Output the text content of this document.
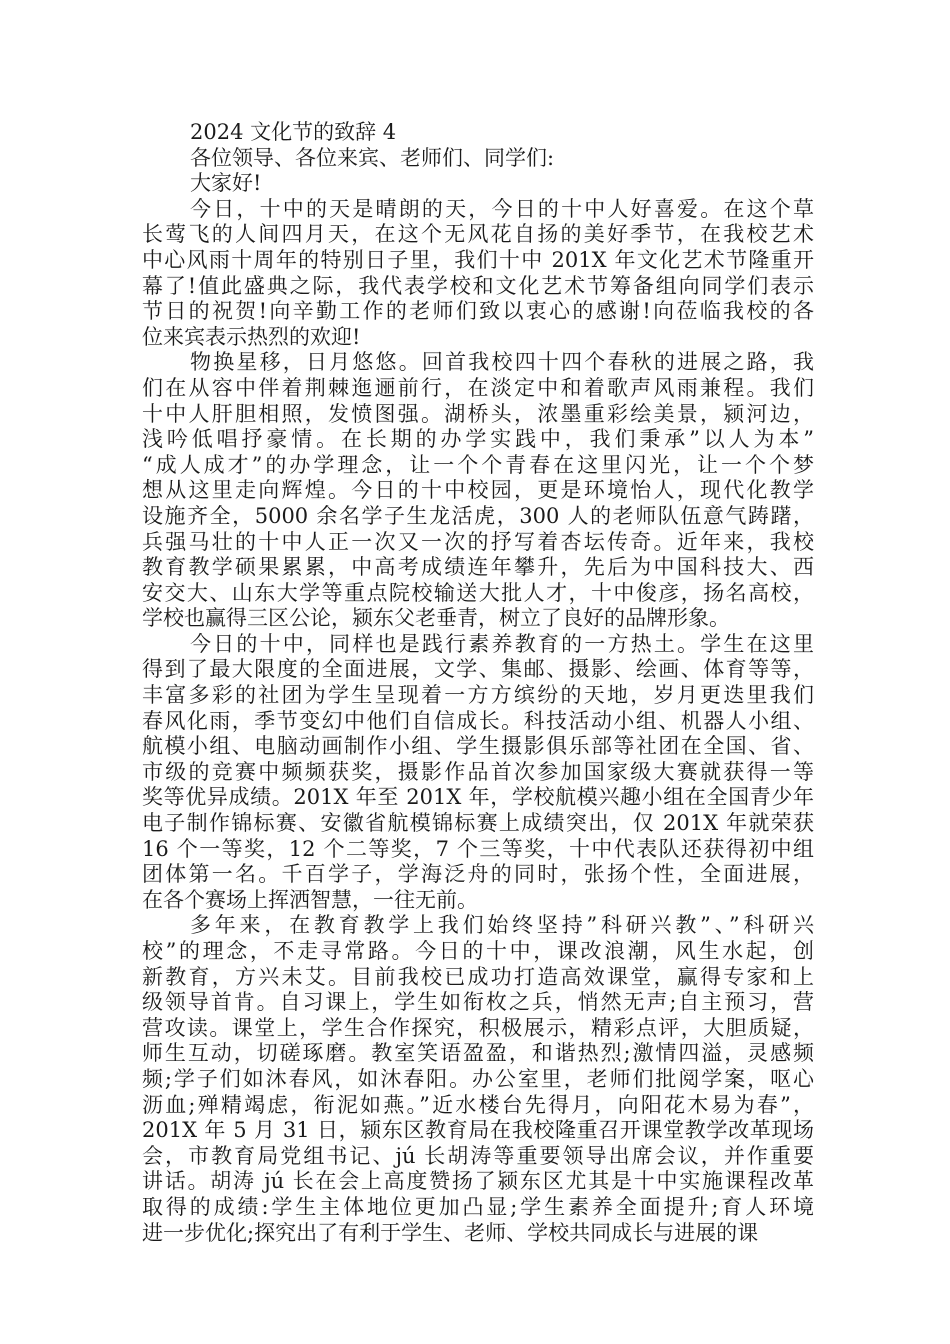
2024 文化节的致辞 4
各位领导、各位来宾、老师们、同学们:
大家好!
今日，十中的天是晴朗的天，今日的十中人好喜爱。在这个草
长莺飞的人间四月天，在这个无风花自扬的美好季节，在我校艺术
中心风雨十周年的特别日子里，我们十中 201X 年文化艺术节隆重开
幕了!值此盛典之际，我代表学校和文化艺术节筹备组向同学们表示
节日的祝贺!向辛勤工作的老师们致以衷心的感谢!向莅临我校的各
位来宾表示热烈的欢迎!
物换星移，日月悠悠。回首我校四十四个春秋的进展之路，我
们在从容中伴着荆棘迤逦前行，在淡定中和着歌声风雨兼程。我们
十中人肝胆相照，发愤图强。湖桥头，浓墨重彩绘美景，颍河边，
浅吟低唱抒豪情。在长期的办学实践中，我们秉承”以人为本”
“成人成才”的办学理念，让一个个青春在这里闪光，让一个个梦
想从这里走向辉煌。今日的十中校园，更是环境怡人，现代化教学
设施齐全，5000 余名学子生龙活虎，300 人的老师队伍意气踌躇，
兵强马壮的十中人正一次又一次的抒写着杏坛传奇。近年来，我校
教育教学硕果累累，中高考成绩连年攀升，先后为中国科技大、西
安交大、山东大学等重点院校输送大批人才，十中俊彦，扬名高校，
学校也赢得三区公论，颍东父老垂青，树立了良好的品牌形象。
今日的十中，同样也是践行素养教育的一方热土。学生在这里
得到了最大限度的全面进展，文学、集邮、摄影、绘画、体育等等，
丰富多彩的社团为学生呈现着一方方缤纷的天地，岁月更迭里我们
春风化雨，季节变幻中他们自信成长。科技活动小组、机器人小组、
航模小组、电脑动画制作小组、学生摄影俱乐部等社团在全国、省、
市级的竞赛中频频获奖，摄影作品首次参加国家级大赛就获得一等
奖等优异成绩。201X 年至 201X 年，学校航模兴趣小组在全国青少年
电子制作锦标赛、安徽省航模锦标赛上成绩突出，仅 201X 年就荣获
16 个一等奖，12 个二等奖，7 个三等奖，十中代表队还获得初中组
团体第一名。千百学子，学海泛舟的同时，张扬个性，全面进展，
在各个赛场上挥洒智慧，一往无前。
多年来，在教育教学上我们始终坚持”科研兴教”、”科研兴
校”的理念，不走寻常路。今日的十中，课改浪潮，风生水起，创
新教育，方兴未艾。目前我校已成功打造高效课堂，赢得专家和上
级领导首肯。自习课上，学生如衔枚之兵，悄然无声;自主预习，营
营攻读。课堂上，学生合作探究，积极展示，精彩点评，大胆质疑，
师生互动，切磋琢磨。教室笑语盈盈，和谐热烈;激情四溢，灵感频
频;学子们如沐春风，如沐春阳。办公室里，老师们批阅学案，呕心
沥血;殚精竭虑，衔泥如燕。”近水楼台先得月，向阳花木易为春”，
201X 年 5 月 31 日，颍东区教育局在我校隆重召开课堂教学改革现场
会，市教育局党组书记、jú 长胡涛等重要领导出席会议，并作重要
讲话。胡涛 jú 长在会上高度赞扬了颍东区尤其是十中实施课程改革
取得的成绩:学生主体地位更加凸显;学生素养全面提升;育人环境
进一步优化;探究出了有利于学生、老师、学校共同成长与进展的课
